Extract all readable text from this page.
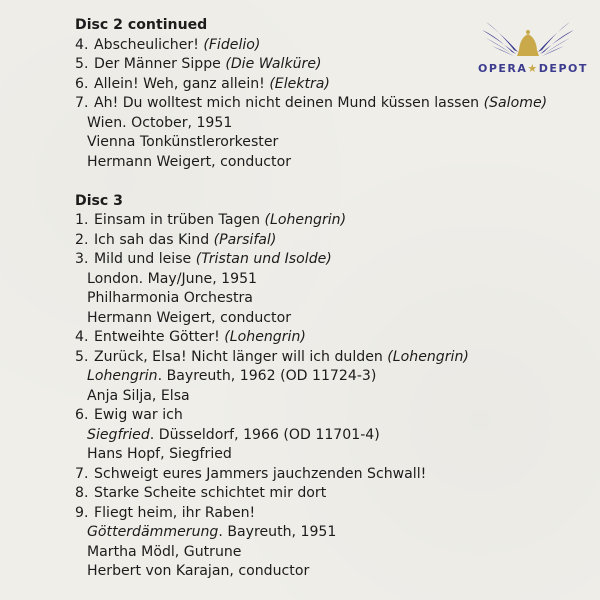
OPERA★DEPOT
Disc 2 continued
4. Abscheulicher! (Fidelio)
5. Der Männer Sippe (Die Walküre)
6. Allein! Weh, ganz allein! (Elektra)
7. Ah! Du wolltest mich nicht deinen Mund küssen lassen (Salome)
Wien. October, 1951
Vienna Tonkünstlerorkester
Hermann Weigert, conductor
Disc 3
1. Einsam in trüben Tagen (Lohengrin)
2. Ich sah das Kind (Parsifal)
3. Mild und leise (Tristan und Isolde)
London. May/June, 1951
Philharmonia Orchestra
Hermann Weigert, conductor
4. Entweihte Götter! (Lohengrin)
5. Zurück, Elsa! Nicht länger will ich dulden (Lohengrin)
Lohengrin. Bayreuth, 1962 (OD 11724-3)
Anja Silja, Elsa
6. Ewig war ich
Siegfried. Düsseldorf, 1966 (OD 11701-4)
Hans Hopf, Siegfried
7. Schweigt eures Jammers jauchzenden Schwall!
8. Starke Scheite schichtet mir dort
9. Fliegt heim, ihr Raben!
Götterdämmerung. Bayreuth, 1951
Martha Mödl, Gutrune
Herbert von Karajan, conductor
